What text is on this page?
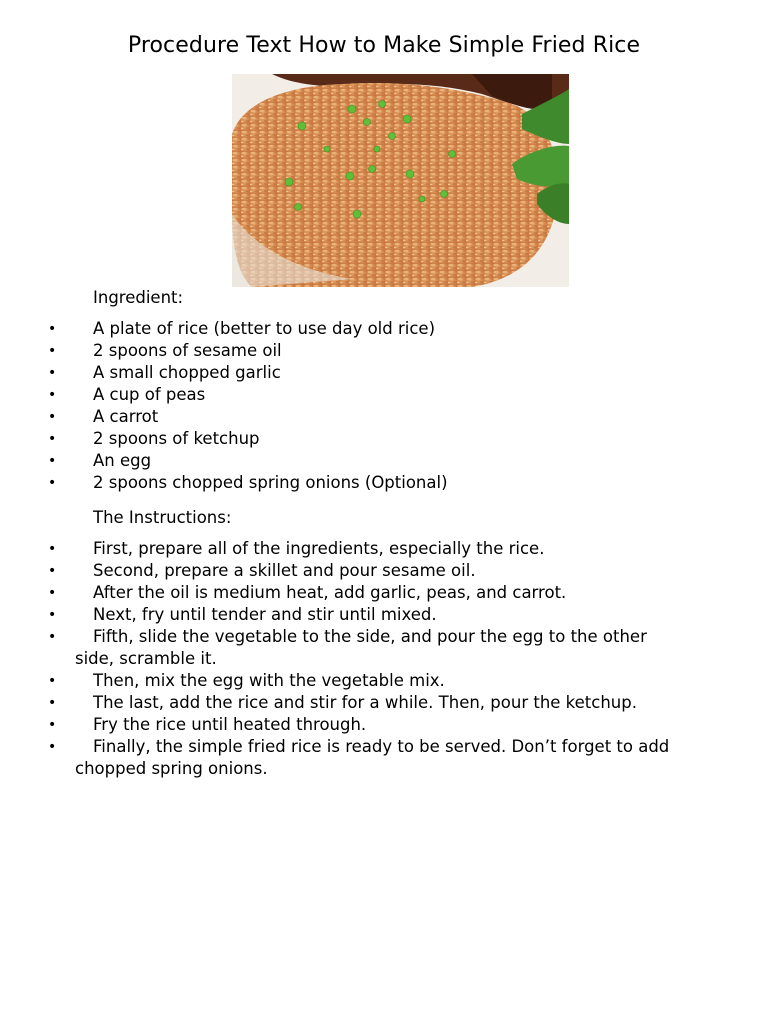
Procedure Text How to Make Simple Fried Rice
Ingredient:
•	A plate of rice (better to use day old rice)
•	2 spoons of sesame oil
•	A small chopped garlic
•	A cup of peas
•	A carrot
•	2 spoons of ketchup
•	An egg
•	2 spoons chopped spring onions (Optional)
The Instructions:
•	First, prepare all of the ingredients, especially the rice.
•	Second, prepare a skillet and pour sesame oil.
•	After the oil is medium heat, add garlic, peas, and carrot.
•	Next, fry until tender and stir until mixed.
•	Fifth, slide the vegetable to the side, and pour the egg to the other side, scramble it.
•	Then, mix the egg with the vegetable mix.
•	The last, add the rice and stir for a while. Then, pour the ketchup.
•	Fry the rice until heated through.
•	Finally, the simple fried rice is ready to be served. Don’t forget to add chopped spring onions.
